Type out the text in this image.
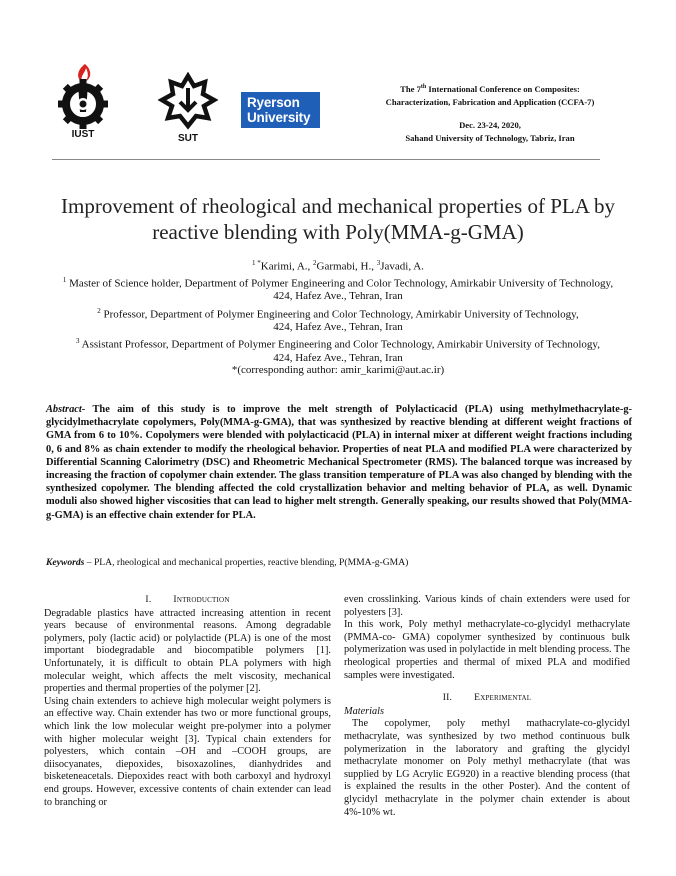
IUST	SUT
Ryerson
University
The 7th International Conference on Composites:
Characterization, Fabrication and Application (CCFA-7)
Dec. 23-24, 2020,
Sahand University of Technology, Tabriz, Iran
Improvement of rheological and mechanical properties of PLA by
reactive blending with Poly(MMA-g-GMA)
$^{1 *}$Karimi, A., $^2$Garmabi, H., $^3$Javadi, A.
$^1$ Master of Science holder, Department of Polymer Engineering and Color Technology, Amirkabir University of Technology,
424, Hafez Ave., Tehran, Iran
$^2$ Professor, Department of Polymer Engineering and Color Technology, Amirkabir University of Technology,
424, Hafez Ave., Tehran, Iran
$^3$ Assistant Professor, Department of Polymer Engineering and Color Technology, Amirkabir University of Technology,
424, Hafez Ave., Tehran, Iran
*(corresponding author: amir_karimi@aut.ac.ir)
Abstract- The aim of this study is to improve the melt strength of Polylacticacid (PLA) using methylmethacrylate-g-glycidylmethacrylate copolymers, Poly(MMA-g-GMA), that was synthesized by reactive blending at different weight fractions of GMA from 6 to 10%. Copolymers were blended with polylacticacid (PLA) in internal mixer at different weight fractions including 0, 6 and 8% as chain extender to modify the rheological behavior. Properties of neat PLA and modified PLA were characterized by Differential Scanning Calorimetry (DSC) and Rheometric Mechanical Spectrometer (RMS). The balanced torque was increased by increasing the fraction of copolymer chain extender. The glass transition temperature of PLA was also changed by blending with the synthesized copolymer. The blending affected the cold crystallization behavior and melting behavior of PLA, as well. Dynamic moduli also showed higher viscosities that can lead to higher melt strength. Generally speaking, our results showed that Poly(MMA-g-GMA) is an effective chain extender for PLA.
Keywords – PLA, rheological and mechanical properties, reactive blending, P(MMA-g-GMA)
I. Introduction

Degradable plastics have attracted increasing attention in recent years because of environmental reasons. Among degradable polymers, poly (lactic acid) or polylactide (PLA) is one of the most important biodegradable and biocompatible polymers [1]. Unfortunately, it is difficult to obtain PLA polymers with high molecular weight, which affects the melt viscosity, mechanical properties and thermal properties of the polymer [2].

Using chain extenders to achieve high molecular weight polymers is an effective way. Chain extender has two or more functional groups, which link the low molecular weight pre-polymer into a polymer with higher molecular weight [3]. Typical chain extenders for polyesters, which contain –OH and –COOH groups, are diisocyanates, diepoxides, bisoxazolines, dianhydrides and bisketeneacetals. Diepoxides react with both carboxyl and hydroxyl end groups. However, excessive contents of chain extender can lead to branching or

even crosslinking. Various kinds of chain extenders were used for polyesters [3].

In this work, Poly methyl methacrylate-co-glycidyl methacrylate (PMMA-co- GMA) copolymer synthesized by continuous bulk polymerization was used in polylactide in melt blending process. The rheological properties and thermal of mixed PLA and modified samples were investigated.

II. Experimental
Materials

The copolymer, poly methyl mathacrylate-co-glycidyl methacrylate, was synthesized by two method continuous bulk polymerization in the laboratory and grafting the glycidyl methacrylate monomer on Poly methyl methacrylate (that was supplied by LG Acrylic EG920) in a reactive blending process (that is explained the results in the other Poster). And the content of glycidyl methacrylate in the polymer chain extender is about 4%-10% wt.
